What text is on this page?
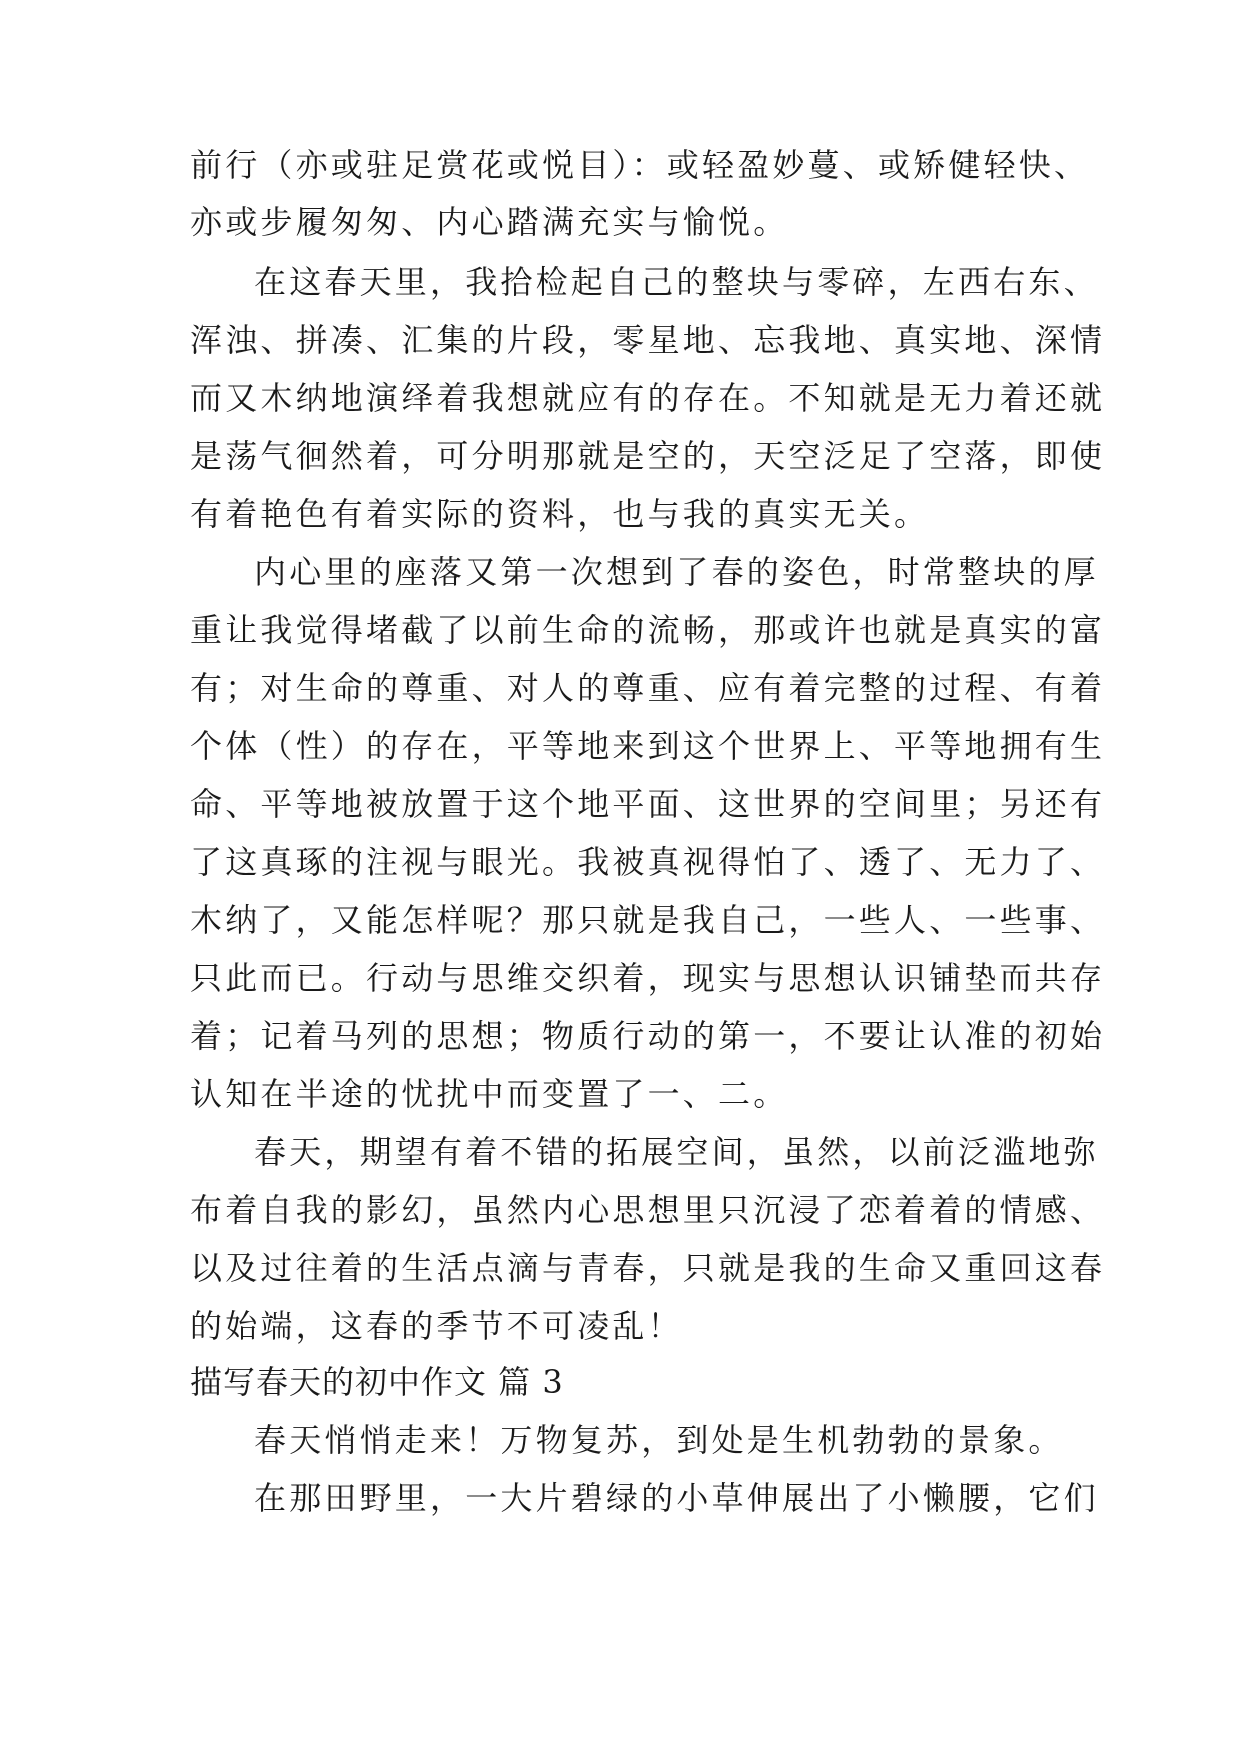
前行（亦或驻足赏花或悦目）：或轻盈妙蔓、或矫健轻快、
亦或步履匆匆、内心踏满充实与愉悦。
在这春天里，我拾检起自己的整块与零碎，左西右东、
浑浊、拼凑、汇集的片段，零星地、忘我地、真实地、深情
而又木纳地演绎着我想就应有的存在。不知就是无力着还就
是荡气徊然着，可分明那就是空的，天空泛足了空落，即使
有着艳色有着实际的资料，也与我的真实无关。
内心里的座落又第一次想到了春的姿色，时常整块的厚
重让我觉得堵截了以前生命的流畅，那或许也就是真实的富
有；对生命的尊重、对人的尊重、应有着完整的过程、有着
个体（性）的存在，平等地来到这个世界上、平等地拥有生
命、平等地被放置于这个地平面、这世界的空间里；另还有
了这真琢的注视与眼光。我被真视得怕了、透了、无力了、
木纳了，又能怎样呢？那只就是我自己，一些人、一些事、
只此而已。行动与思维交织着，现实与思想认识铺垫而共存
着；记着马列的思想；物质行动的第一，不要让认准的初始
认知在半途的忧扰中而变置了一、二。
春天，期望有着不错的拓展空间，虽然，以前泛滥地弥
布着自我的影幻，虽然内心思想里只沉浸了恋着着的情感、
以及过往着的生活点滴与青春，只就是我的生命又重回这春
的始端，这春的季节不可凌乱！
描写春天的初中作文 篇 3
春天悄悄走来！万物复苏，到处是生机勃勃的景象。
在那田野里，一大片碧绿的小草伸展出了小懒腰，它们
